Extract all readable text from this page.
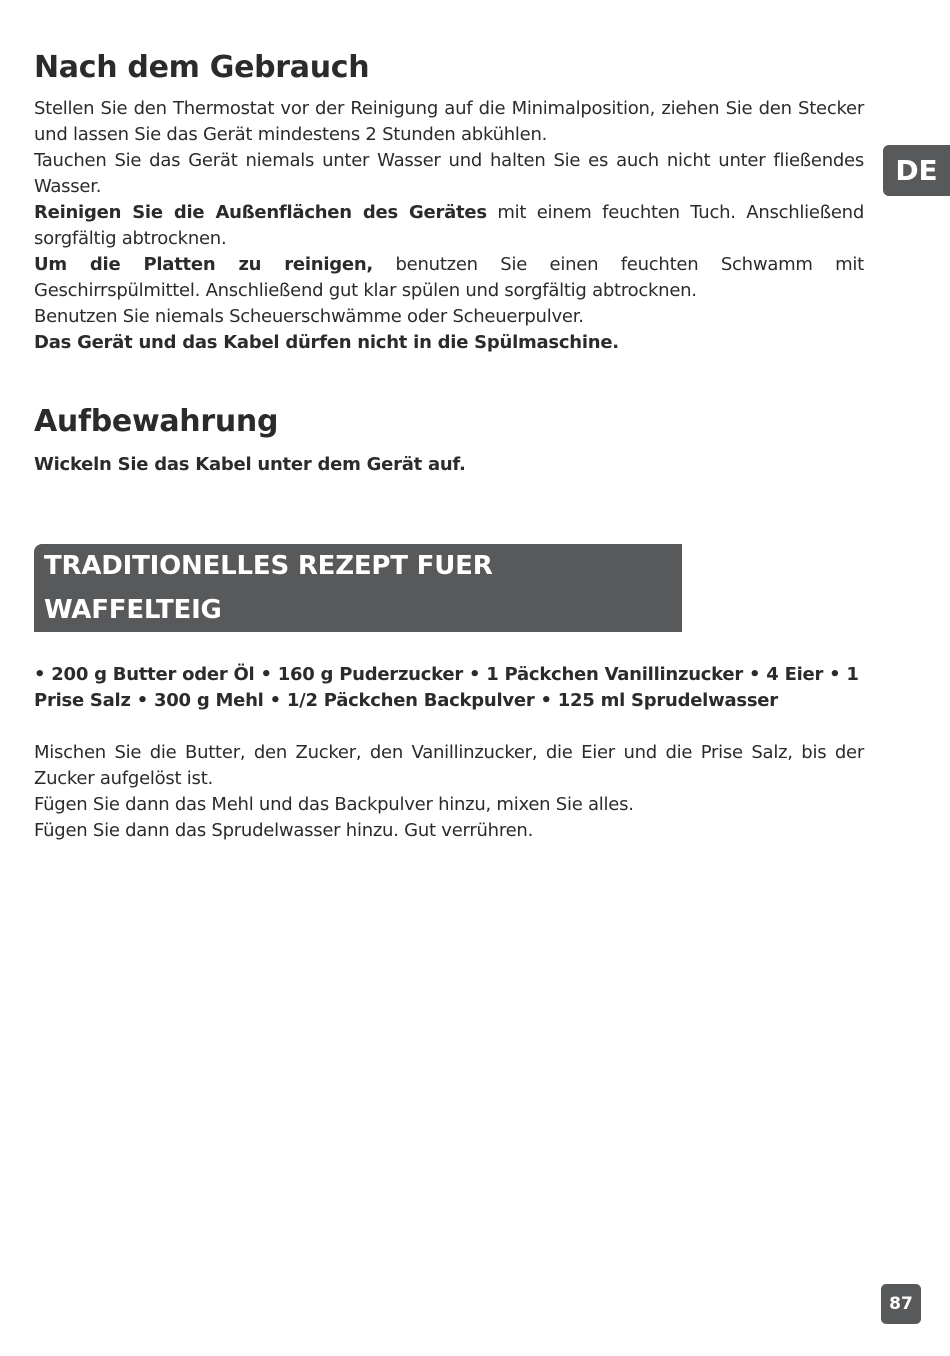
Nach dem Gebrauch

Stellen Sie den Thermostat vor der Reinigung auf die Minimalposition, ziehen Sie den Stecker und lassen Sie das Gerät mindestens 2 Stunden abkühlen.

Tauchen Sie das Gerät niemals unter Wasser und halten Sie es auch nicht unter fließendes Wasser.

Reinigen Sie die Außenflächen des Gerätes mit einem feuchten Tuch. Anschließend sorgfältig abtrocknen.

Um die Platten zu reinigen, benutzen Sie einen feuchten Schwamm mit Geschirrspülmittel. Anschließend gut klar spülen und sorgfältig abtrocknen.

Benutzen Sie niemals Scheuerschwämme oder Scheuerpulver.

Das Gerät und das Kabel dürfen nicht in die Spülmaschine.

Aufbewahrung

Wickeln Sie das Kabel unter dem Gerät auf.

TRADITIONELLES REZEPT FUER WAFFELTEIG

• 200 g Butter oder Öl • 160 g Puderzucker • 1 Päckchen Vanillinzucker • 4 Eier • 1 Prise Salz • 300 g Mehl • 1/2 Päckchen Backpulver • 125 ml Sprudelwasser

Mischen Sie die Butter, den Zucker, den Vanillinzucker, die Eier und die Prise Salz, bis der Zucker aufgelöst ist.

Fügen Sie dann das Mehl und das Backpulver hinzu, mixen Sie alles.

Fügen Sie dann das Sprudelwasser hinzu. Gut verrühren.

DE
87
